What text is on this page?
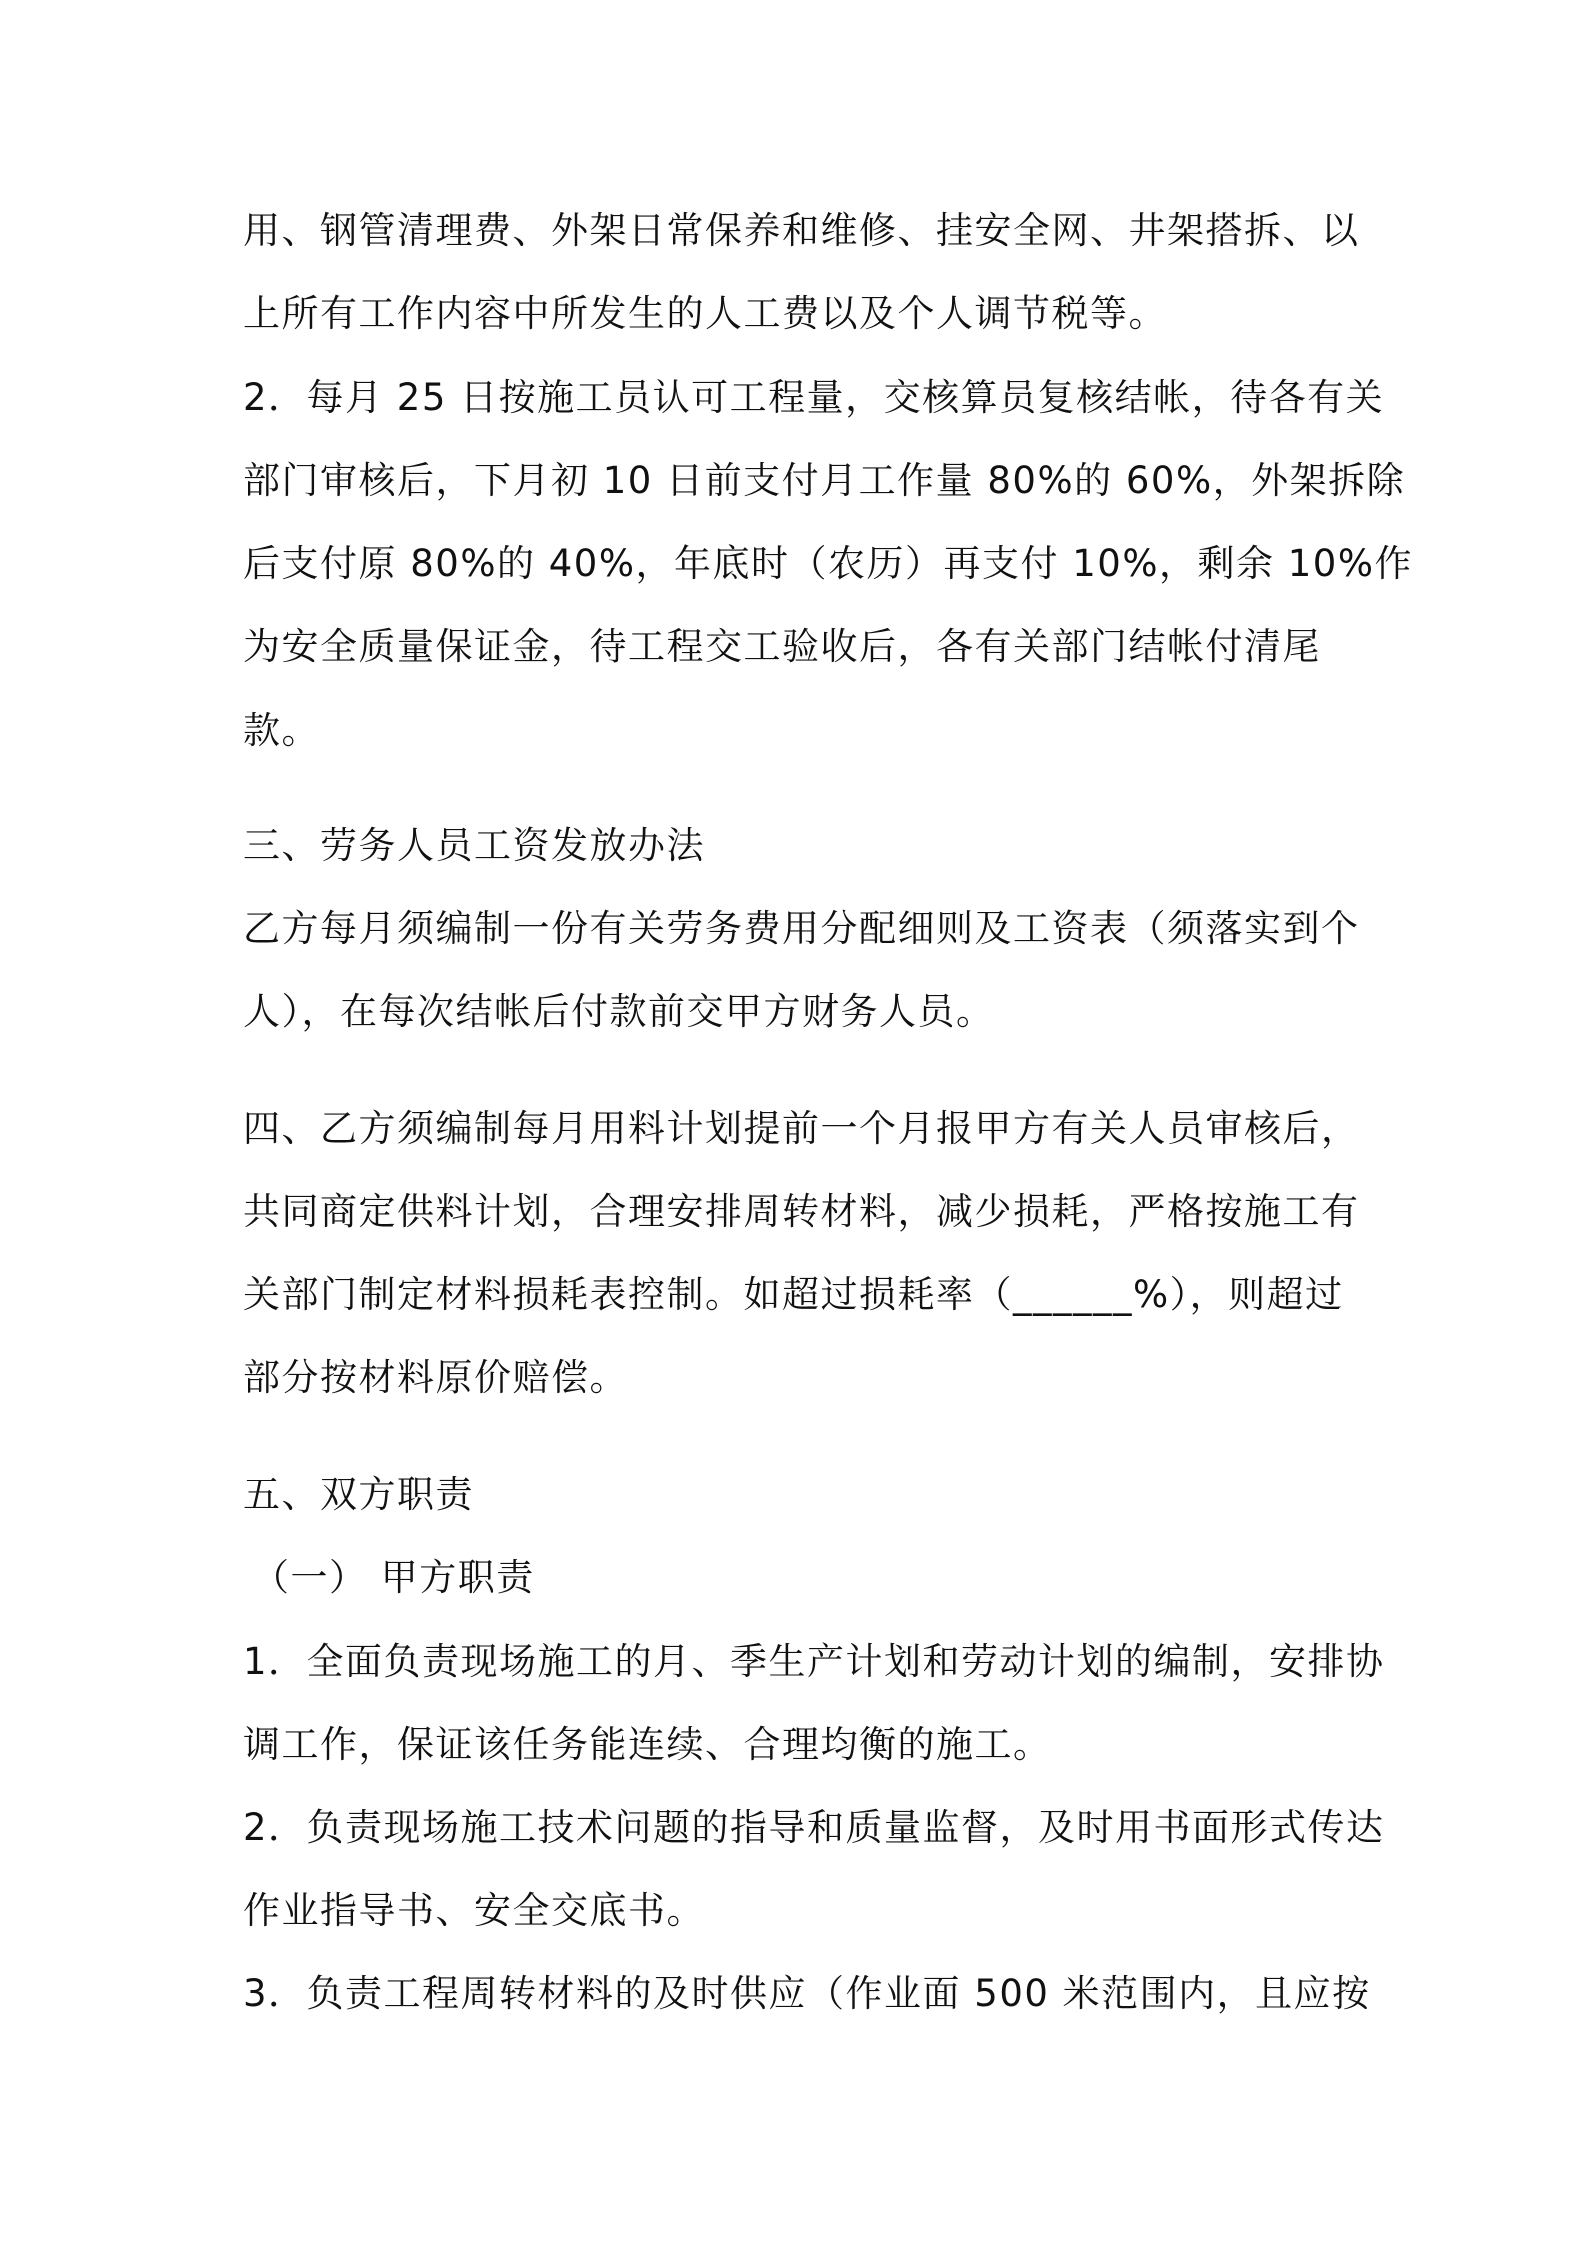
用、钢管清理费、外架日常保养和维修、挂安全网、井架搭拆、以
上所有工作内容中所发生的人工费以及个人调节税等。
2．每月 25 日按施工员认可工程量，交核算员复核结帐，待各有关
部门审核后，下月初 10 日前支付月工作量 80%的 60%，外架拆除
后支付原 80%的 40%，年底时（农历）再支付 10%，剩余 10%作
为安全质量保证金，待工程交工验收后，各有关部门结帐付清尾
款。
三、劳务人员工资发放办法
乙方每月须编制一份有关劳务费用分配细则及工资表（须落实到个
人），在每次结帐后付款前交甲方财务人员。
四、乙方须编制每月用料计划提前一个月报甲方有关人员审核后，
共同商定供料计划，合理安排周转材料，减少损耗，严格按施工有
关部门制定材料损耗表控制。如超过损耗率（______%），则超过
部分按材料原价赔偿。
五、双方职责
（一） 甲方职责
1．全面负责现场施工的月、季生产计划和劳动计划的编制，安排协
调工作，保证该任务能连续、合理均衡的施工。
2．负责现场施工技术问题的指导和质量监督，及时用书面形式传达
作业指导书、安全交底书。
3．负责工程周转材料的及时供应（作业面 500 米范围内，且应按
